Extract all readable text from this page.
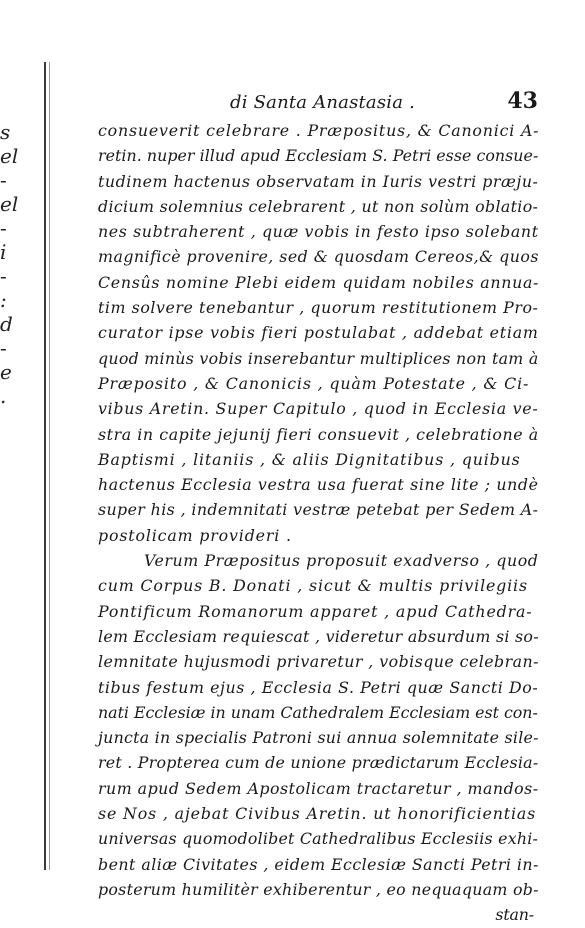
s
el
-
el
-
i
-
:
d
-
e
.
di Santa Anastasia .	43
consueverit celebrare . Præpositus, & Canonici A-
retin. nuper illud apud Ecclesiam S. Petri esse consue-
tudinem hactenus observatam in Iuris vestri præju-
dicium solemnius celebrarent , ut non solùm oblatio-
nes subtraherent , quæ vobis in festo ipso solebant
magnificè provenire, sed & quosdam Cereos,& quos
Censûs nomine Plebi eidem quidam nobiles annua-
tim solvere tenebantur , quorum restitutionem Pro-
curator ipse vobis fieri postulabat , addebat etiam
quod minùs vobis inserebantur multiplices non tam à
Præposito , & Canonicis , quàm Potestate , & Ci-
vibus Aretin. Super Capitulo , quod in Ecclesia ve-
stra in capite jejunij fieri consuevit , celebratione à
Baptismi , litaniis , & aliis Dignitatibus , quibus
hactenus Ecclesia vestra usa fuerat sine lite ; undè
super his , indemnitati vestræ petebat per Sedem A-
postolicam provideri .
Verum Præpositus proposuit exadverso , quod
cum Corpus B. Donati , sicut & multis privilegiis
Pontificum Romanorum apparet , apud Cathedra-
lem Ecclesiam requiescat , videretur absurdum si so-
lemnitate hujusmodi privaretur , vobisque celebran-
tibus festum ejus , Ecclesia S. Petri quæ Sancti Do-
nati Ecclesiæ in unam Cathedralem Ecclesiam est con-
juncta in specialis Patroni sui annua solemnitate sile-
ret . Propterea cum de unione prædictarum Ecclesia-
rum apud Sedem Apostolicam tractaretur , mandos-
se Nos , ajebat Civibus Aretin. ut honorificientias
universas quomodolibet Cathedralibus Ecclesiis exhi-
bent aliæ Civitates , eidem Ecclesiæ Sancti Petri in-
posterum humilitèr exhiberentur , eo nequaquam ob-
stan-
